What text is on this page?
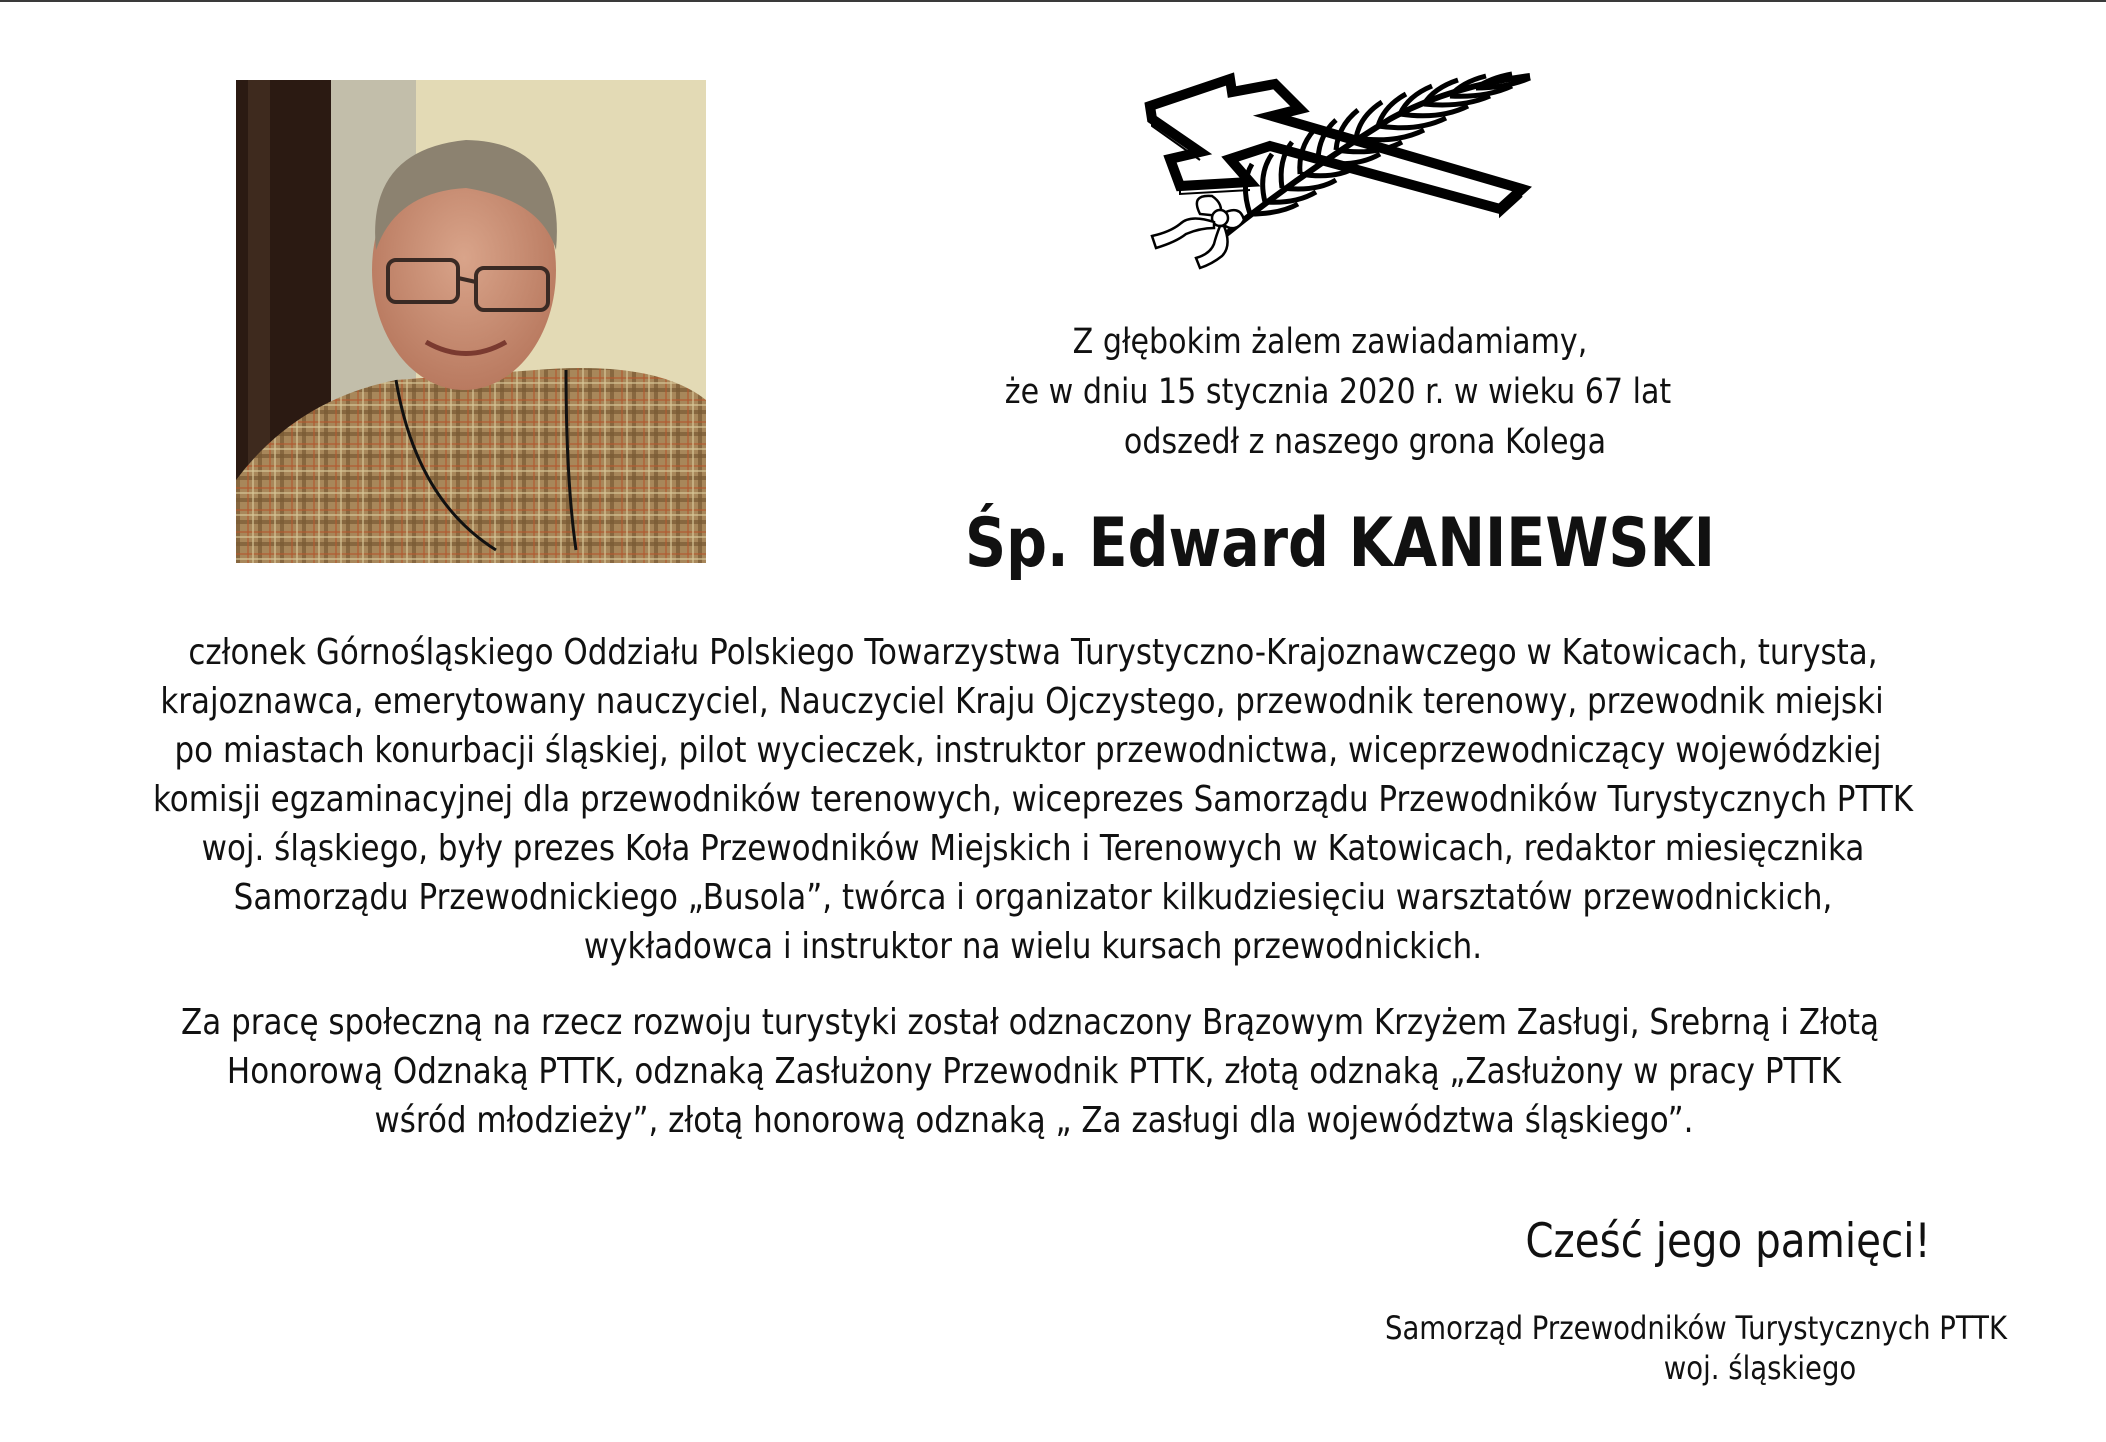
Z głębokim żalem zawiadamiamy,
że w dniu 15 stycznia 2020 r. w wieku 67 lat
odszedł z naszego grona Kolega
Śp. Edward KANIEWSKI
członek Górnośląskiego Oddziału Polskiego Towarzystwa Turystyczno-Krajoznawczego w Katowicach, turysta,
krajoznawca, emerytowany nauczyciel, Nauczyciel Kraju Ojczystego, przewodnik terenowy, przewodnik miejski
po miastach konurbacji śląskiej, pilot wycieczek, instruktor przewodnictwa, wiceprzewodniczący wojewódzkiej
komisji egzaminacyjnej dla przewodników terenowych, wiceprezes Samorządu Przewodników Turystycznych PTTK
woj. śląskiego, były prezes Koła Przewodników Miejskich i Terenowych w Katowicach, redaktor miesięcznika
Samorządu Przewodnickiego „Busola”, twórca i organizator kilkudziesięciu warsztatów przewodnickich,
wykładowca i instruktor na wielu kursach przewodnickich.
Za pracę społeczną na rzecz rozwoju turystyki został odznaczony Brązowym Krzyżem Zasługi, Srebrną i Złotą
Honorową Odznaką PTTK, odznaką Zasłużony Przewodnik PTTK, złotą odznaką „Zasłużony w pracy PTTK
wśród młodzieży”, złotą honorową odznaką „ Za zasługi dla województwa śląskiego”.
Cześć jego pamięci!
Samorząd Przewodników Turystycznych PTTK
woj. śląskiego
